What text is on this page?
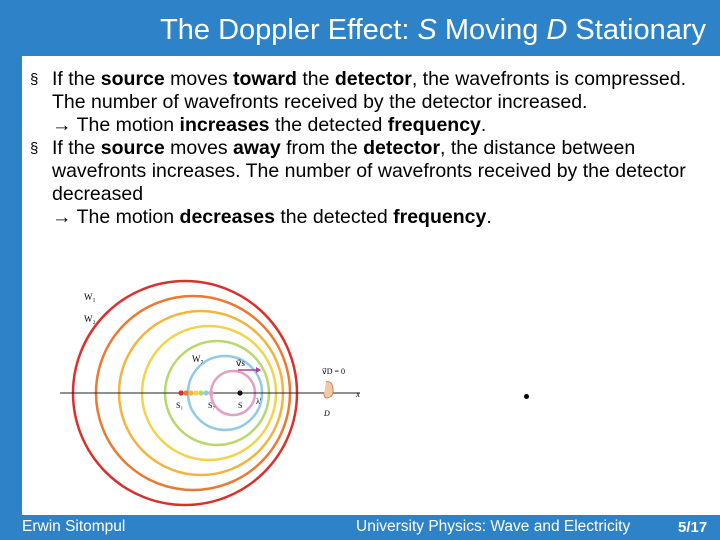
The Doppler Effect: S Moving D Stationary
§ If the source moves toward the detector, the wavefronts is compressed. The number of wavefronts received by the detector increased.
→ The motion increases the detected frequency.
§ If the source moves away from the detector, the distance between wavefronts increases. The number of wavefronts received by the detector decreased
→ The motion decreases the detected frequency.
x
v⃗s
v⃗D = 0
W₁
W₂
W₇
S₁	S₇	S λ'
D
Erwin Sitompul	University Physics: Wave and Electricity	5/17
